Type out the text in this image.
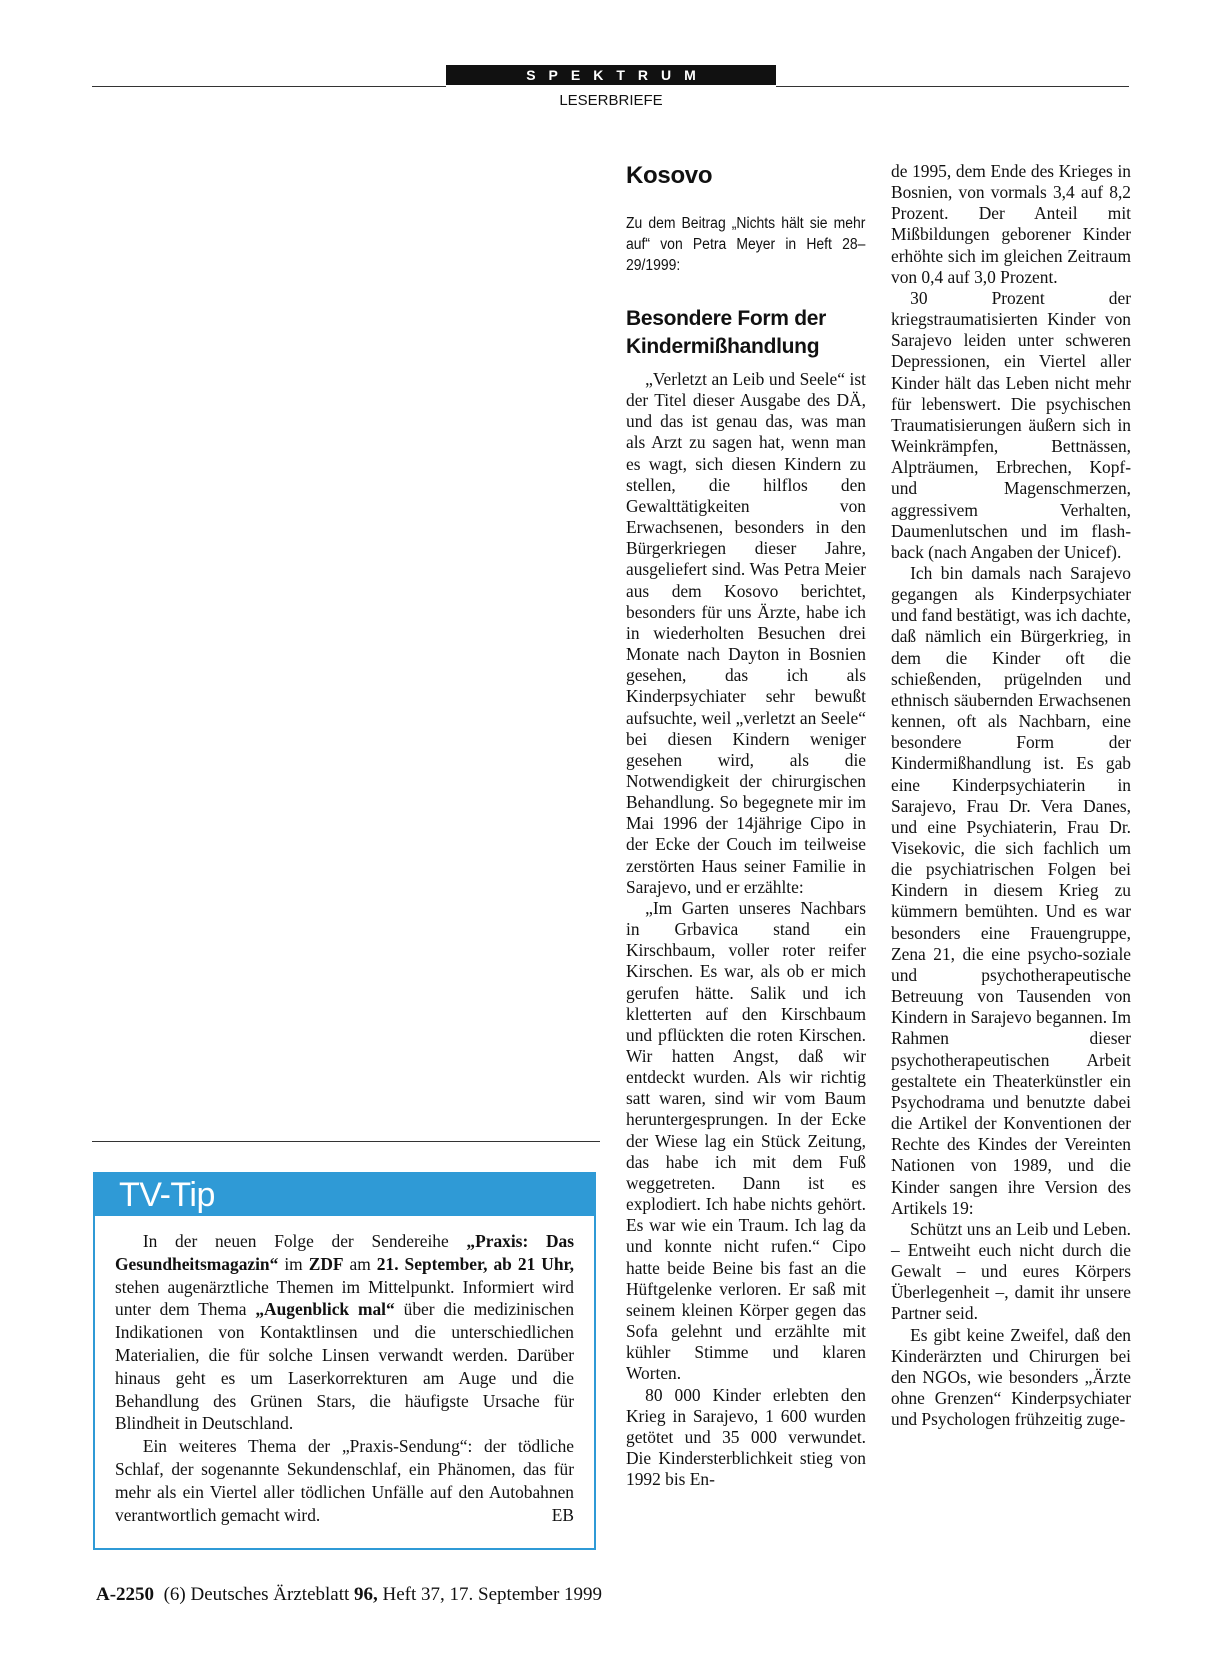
SPEKTRUM
LESERBRIEFE
Kosovo
Zu dem Beitrag „Nichts hält sie mehr auf“ von Petra Meyer in Heft 28–29/1999:
Besondere Form der Kindermißhandlung

„Verletzt an Leib und Seele“ ist der Titel dieser Ausgabe des DÄ, und das ist genau das, was man als Arzt zu sagen hat, wenn man es wagt, sich diesen Kindern zu stellen, die hilflos den Gewalttätigkeiten von Erwachsenen, besonders in den Bürgerkriegen dieser Jahre, ausgeliefert sind. Was Petra Meier aus dem Kosovo berichtet, besonders für uns Ärzte, habe ich in wiederholten Besuchen drei Monate nach Dayton in Bosnien gesehen, das ich als Kinderpsychiater sehr bewußt aufsuchte, weil „verletzt an Seele“ bei diesen Kindern weniger gesehen wird, als die Notwendigkeit der chirurgischen Behandlung. So begegnete mir im Mai 1996 der 14jährige Cipo in der Ecke der Couch im teilweise zerstörten Haus seiner Familie in Sarajevo, und er erzählte:

„Im Garten unseres Nachbars in Grbavica stand ein Kirschbaum, voller roter reifer Kirschen. Es war, als ob er mich gerufen hätte. Salik und ich kletterten auf den Kirschbaum und pflückten die roten Kirschen. Wir hatten Angst, daß wir entdeckt wurden. Als wir richtig satt waren, sind wir vom Baum heruntergesprungen. In der Ecke der Wiese lag ein Stück Zeitung, das habe ich mit dem Fuß weggetreten. Dann ist es explodiert. Ich habe nichts gehört. Es war wie ein Traum. Ich lag da und konnte nicht rufen.“ Cipo hatte beide Beine bis fast an die Hüftgelenke verloren. Er saß mit seinem kleinen Körper gegen das Sofa gelehnt und erzählte mit kühler Stimme und klaren Worten.

80 000 Kinder erlebten den Krieg in Sarajevo, 1 600 wurden getötet und 35 000 verwundet. Die Kindersterblichkeit stieg von 1992 bis En-

de 1995, dem Ende des Krieges in Bosnien, von vormals 3,4 auf 8,2 Prozent. Der Anteil mit Mißbildungen geborener Kinder erhöhte sich im gleichen Zeitraum von 0,4 auf 3,0 Prozent.

30 Prozent der kriegstraumatisierten Kinder von Sarajevo leiden unter schweren Depressionen, ein Viertel aller Kinder hält das Leben nicht mehr für lebenswert. Die psychischen Traumatisierungen äußern sich in Weinkrämpfen, Bettnässen, Alpträumen, Erbrechen, Kopf- und Magenschmerzen, aggressivem Verhalten, Daumenlutschen und im flash-back (nach Angaben der Unicef).

Ich bin damals nach Sarajevo gegangen als Kinderpsychiater und fand bestätigt, was ich dachte, daß nämlich ein Bürgerkrieg, in dem die Kinder oft die schießenden, prügelnden und ethnisch säubernden Erwachsenen kennen, oft als Nachbarn, eine besondere Form der Kindermißhandlung ist. Es gab eine Kinderpsychiaterin in Sarajevo, Frau Dr. Vera Danes, und eine Psychiaterin, Frau Dr. Visekovic, die sich fachlich um die psychiatrischen Folgen bei Kindern in diesem Krieg zu kümmern bemühten. Und es war besonders eine Frauengruppe, Zena 21, die eine psycho-soziale und psychotherapeutische Betreuung von Tausenden von Kindern in Sarajevo begannen. Im Rahmen dieser psychotherapeutischen Arbeit gestaltete ein Theaterkünstler ein Psychodrama und benutzte dabei die Artikel der Konventionen der Rechte des Kindes der Vereinten Nationen von 1989, und die Kinder sangen ihre Version des Artikels 19:

Schützt uns an Leib und Leben. – Entweiht euch nicht durch die Gewalt – und eures Körpers Überlegenheit –, damit ihr unsere Partner seid.

Es gibt keine Zweifel, daß den Kinderärzten und Chirurgen bei den NGOs, wie besonders „Ärzte ohne Grenzen“ Kinderpsychiater und Psychologen frühzeitig zuge-

TV-Tip

In der neuen Folge der Sendereihe „Praxis: Das Gesundheitsmagazin“ im ZDF am 21. September, ab 21 Uhr, stehen augenärztliche Themen im Mittelpunkt. Informiert wird unter dem Thema „Augenblick mal“ über die medizinischen Indikationen von Kontaktlinsen und die unterschiedlichen Materialien, die für solche Linsen verwandt werden. Darüber hinaus geht es um Laserkorrekturen am Auge und die Behandlung des Grünen Stars, die häufigste Ursache für Blindheit in Deutschland.

Ein weiteres Thema der „Praxis-Sendung“: der tödliche Schlaf, der sogenannte Sekundenschlaf, ein Phänomen, das für mehr als ein Viertel aller tödlichen Unfälle auf den Autobahnen verantwortlich gemacht wird.	EB

A-2250 (6) Deutsches Ärzteblatt 96, Heft 37, 17. September 1999
